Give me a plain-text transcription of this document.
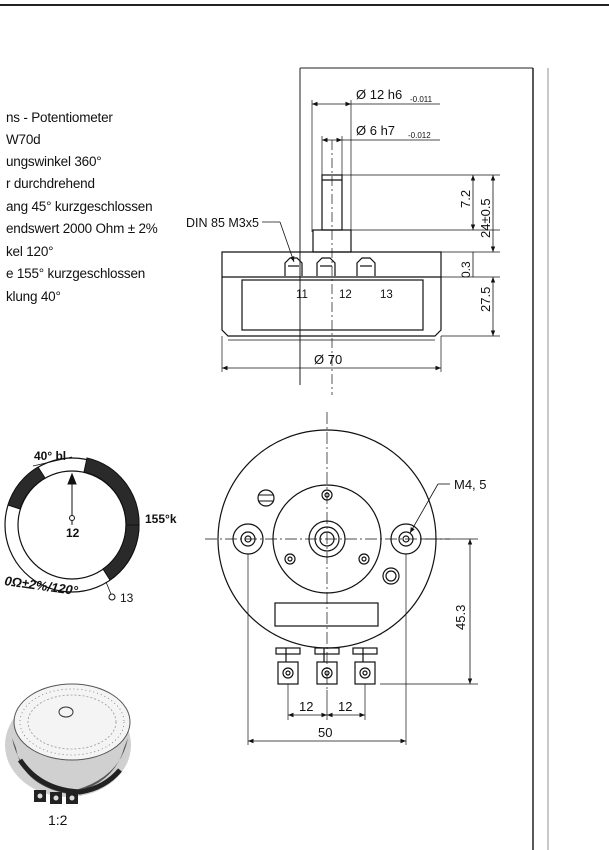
ns - Potentiometer
W70d
ungswinkel 360°
r durchdrehend
ang 45° kurzgeschlossen
endswert 2000 Ohm ± 2%
kel 120°
e 155° kurzgeschlossen
klung 40°
Ø 12 h6 -0.011
Ø 6 h7 -0.012
DIN 85 M3x5
11	12 13
Ø 70
7.2 24±0.5
0.3
27.5
M4, 5
45.3
12 12
50
40° bl
155°k
12
0Ω±2%/120°	13
1:2
